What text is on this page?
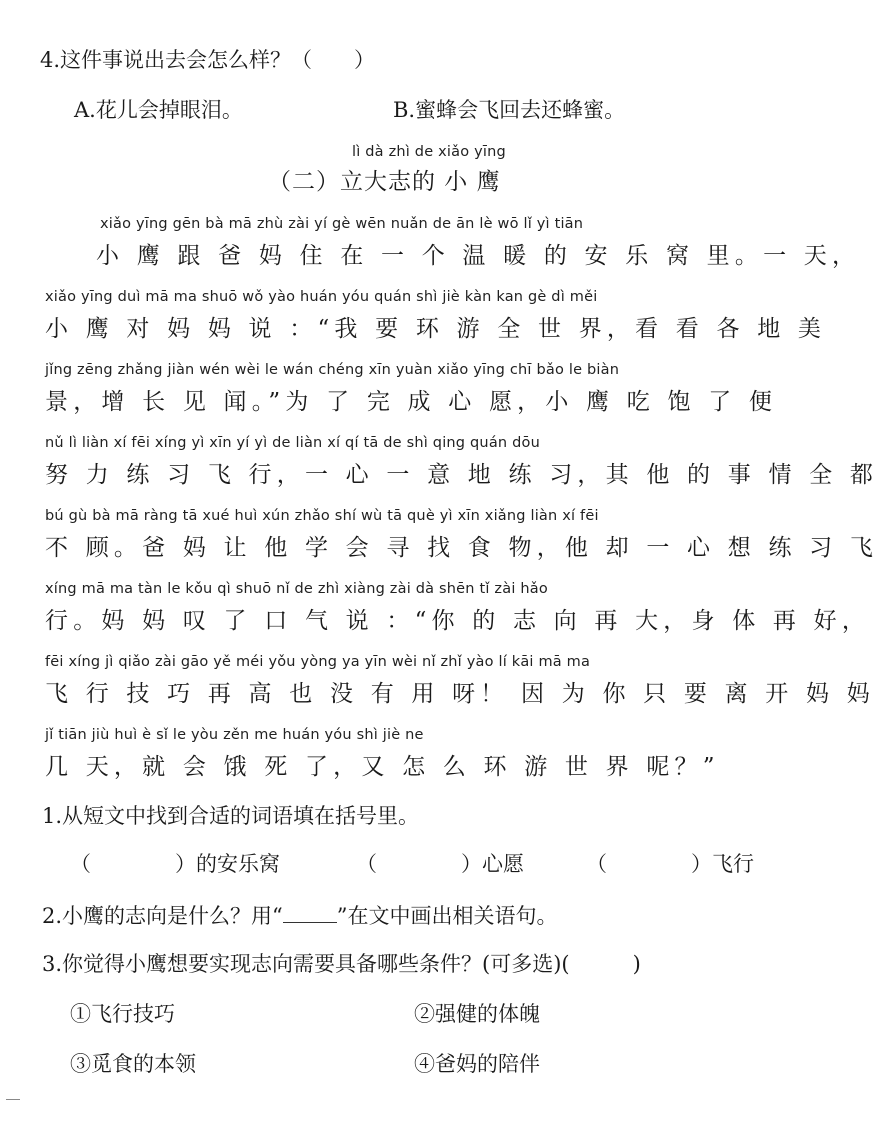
4.这件事说出去会怎么样？（　　）
A.花儿会掉眼泪。	B.蜜蜂会飞回去还蜂蜜。
lì dà zhì de xiǎo yīng
（二）立大志的 小 鹰
xiǎo yīng gēn bà mā zhù zài yí gè wēn nuǎn de ān lè wō lǐ yì tiān
小 鹰 跟 爸 妈 住 在 一 个 温 暖 的 安 乐 窝 里。一 天，
xiǎo yīng duì mā ma shuō wǒ yào huán yóu quán shì jiè kàn kan gè dì měi
小 鹰 对 妈 妈 说 ：“我 要 环 游 全 世 界，看 看 各 地 美
jǐng zēng zhǎng jiàn wén wèi le wán chéng xīn yuàn xiǎo yīng chī bǎo le biàn
景，增 长 见 闻。”为 了 完 成 心 愿，小 鹰 吃 饱 了 便
nǔ lì liàn xí fēi xíng yì xīn yí yì de liàn xí qí tā de shì qing quán dōu
努 力 练 习 飞 行，一 心 一 意 地 练 习，其 他 的 事 情 全 都
bú gù bà mā ràng tā xué huì xún zhǎo shí wù tā què yì xīn xiǎng liàn xí fēi
不 顾。爸 妈 让 他 学 会 寻 找 食 物，他 却 一 心 想 练 习 飞
xíng mā ma tàn le kǒu qì shuō nǐ de zhì xiàng zài dà shēn tǐ zài hǎo
行。妈 妈 叹 了 口 气 说 ：“你 的 志 向 再 大，身 体 再 好，
fēi xíng jì qiǎo zài gāo yě méi yǒu yòng ya yīn wèi nǐ zhǐ yào lí kāi mā ma
飞 行 技 巧 再 高 也 没 有 用 呀！ 因 为 你 只 要 离 开 妈 妈
jǐ tiān jiù huì è sǐ le yòu zěn me huán yóu shì jiè ne
几 天，就 会 饿 死 了，又 怎 么 环 游 世 界 呢？”
1.从短文中找到合适的词语填在括号里。
（　　　　）的安乐窝	（　　　　）心愿	（　　　　）飞行
2.小鹰的志向是什么？用“	”在文中画出相关语句。
3.你觉得小鹰想要实现志向需要具备哪些条件？(可多选)(　　　)
①飞行技巧	②强健的体魄
③觅食的本领	④爸妈的陪伴
